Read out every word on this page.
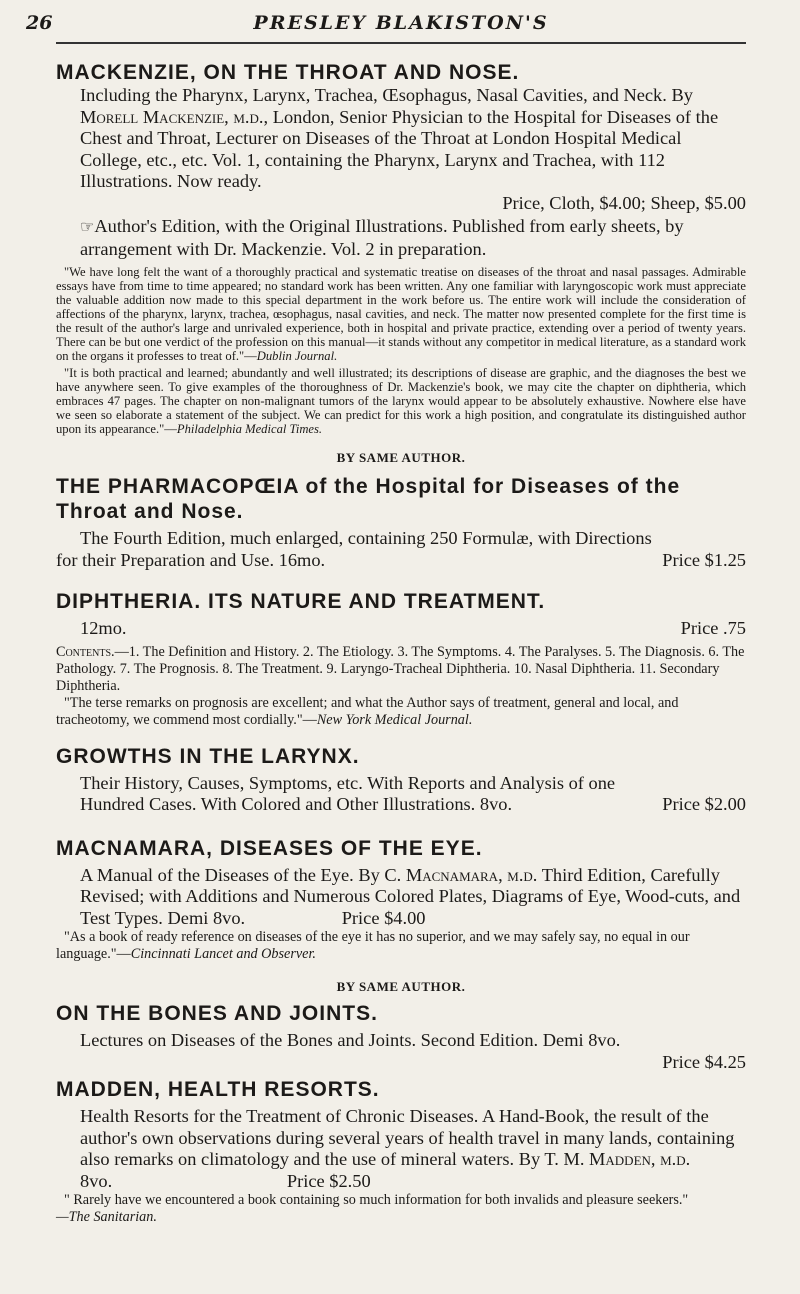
26	PRESLEY BLAKISTON'S
MACKENZIE, ON THE THROAT AND NOSE.

Including the Pharynx, Larynx, Trachea, Œsophagus, Nasal Cavities, and Neck. By Morell Mackenzie, m.d., London, Senior Physician to the Hospital for Diseases of the Chest and Throat, Lecturer on Diseases of the Throat at London Hospital Medical College, etc., etc. Vol. 1, containing the Pharynx, Larynx and Trachea, with 112 Illustrations. Now ready.

Price, Cloth, $4.00; Sheep, $5.00

☞Author's Edition, with the Original Illustrations. Published from early sheets, by arrangement with Dr. Mackenzie. Vol. 2 in preparation.

"We have long felt the want of a thoroughly practical and systematic treatise on diseases of the throat and nasal passages. Admirable essays have from time to time appeared; no standard work has been written. Any one familiar with laryngoscopic work must appreciate the valuable addition now made to this special department in the work before us. The entire work will include the consideration of affections of the pharynx, larynx, trachea, œsophagus, nasal cavities, and neck. The matter now presented complete for the first time is the result of the author's large and unrivaled experience, both in hospital and private practice, extending over a period of twenty years. There can be but one verdict of the profession on this manual—it stands without any competitor in medical literature, as a standard work on the organs it professes to treat of."—Dublin Journal.

"It is both practical and learned; abundantly and well illustrated; its descriptions of disease are graphic, and the diagnoses the best we have anywhere seen. To give examples of the thoroughness of Dr. Mackenzie's book, we may cite the chapter on diphtheria, which embraces 47 pages. The chapter on non-malignant tumors of the larynx would appear to be absolutely exhaustive. Nowhere else have we seen so elaborate a statement of the subject. We can predict for this work a high position, and congratulate its distinguished author upon its appearance."—Philadelphia Medical Times.

BY SAME AUTHOR.

THE PHARMACOPŒIA of the Hospital for Diseases of the Throat and Nose.

The Fourth Edition, much enlarged, containing 250 Formulæ, with Directions

for their Preparation and Use. 16mo.	Price $1.25
DIPHTHERIA. ITS NATURE AND TREATMENT.
12mo.	Price .75

Contents.—1. The Definition and History. 2. The Etiology. 3. The Symptoms. 4. The Paralyses. 5. The Diagnosis. 6. The Pathology. 7. The Prognosis. 8. The Treatment. 9. Laryngo-Tracheal Diphtheria. 10. Nasal Diphtheria. 11. Secondary Diphtheria.

"The terse remarks on prognosis are excellent; and what the Author says of treatment, general and local, and tracheotomy, we commend most cordially."—New York Medical Journal.

GROWTHS IN THE LARYNX.

Their History, Causes, Symptoms, etc. With Reports and Analysis of one

Hundred Cases. With Colored and Other Illustrations. 8vo.	Price $2.00
MACNAMARA, DISEASES OF THE EYE.

A Manual of the Diseases of the Eye. By C. Macnamara, m.d. Third Edition, Carefully Revised; with Additions and Numerous Colored Plates, Diagrams of Eye, Wood-cuts, and Test Types. Demi 8vo.	Price $4.00

"As a book of ready reference on diseases of the eye it has no superior, and we may safely say, no equal in our language."—Cincinnati Lancet and Observer.

BY SAME AUTHOR.

ON THE BONES AND JOINTS.

Lectures on Diseases of the Bones and Joints. Second Edition. Demi 8vo.

Price $4.25

MADDEN, HEALTH RESORTS.

Health Resorts for the Treatment of Chronic Diseases. A Hand-Book, the result of the author's own observations during several years of health travel in many lands, containing also remarks on climatology and the use of mineral waters. By T. M. Madden, m.d. 8vo.	Price $2.50

" Rarely have we encountered a book containing so much information for both invalids and pleasure seekers."
—The Sanitarian.
